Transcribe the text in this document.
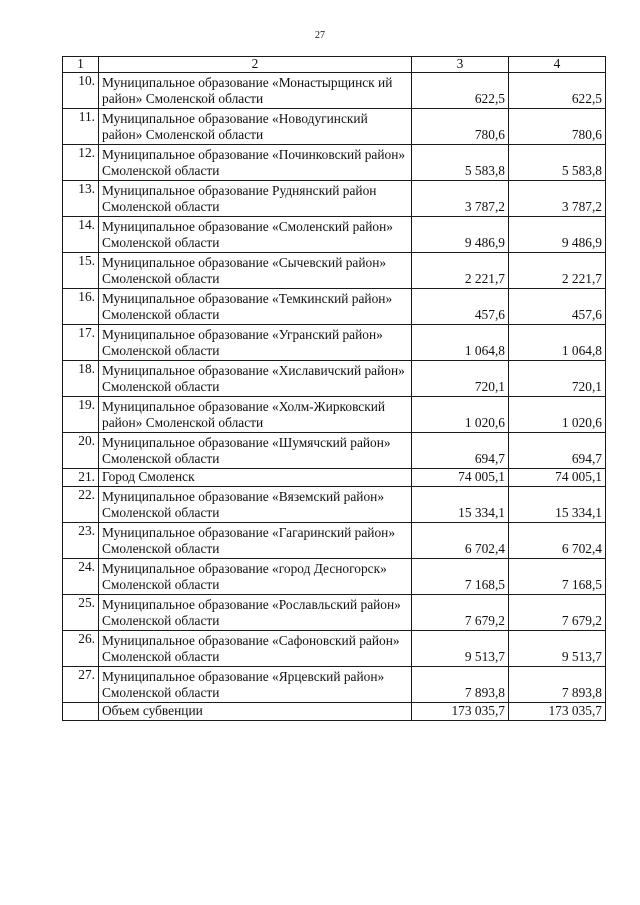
27
1	2	3	4
10.	Муниципальное образование «Монастырщинск ий район» Смоленской области	622,5	622,5
11.	Муниципальное образование «Новодугинский район» Смоленской области	780,6	780,6
12.	Муниципальное образование «Починковский район» Смоленской области	5 583,8	5 583,8
13.	Муниципальное образование Руднянский район Смоленской области	3 787,2	3 787,2
14.	Муниципальное образование «Смоленский район» Смоленской области	9 486,9	9 486,9
15.	Муниципальное образование «Сычевский район» Смоленской области	2 221,7	2 221,7
16.	Муниципальное образование «Темкинский район» Смоленской области	457,6	457,6
17.	Муниципальное образование «Угранский район» Смоленской области	1 064,8	1 064,8
18.	Муниципальное образование «Хиславичский район» Смоленской области	720,1	720,1
19.	Муниципальное образование «Холм-Жирковский район» Смоленской области	1 020,6	1 020,6
20.	Муниципальное образование «Шумячский район» Смоленской области	694,7	694,7
21.	Город Смоленск	74 005,1	74 005,1
22.	Муниципальное образование «Вяземский район» Смоленской области	15 334,1	15 334,1
23.	Муниципальное образование «Гагаринский район» Смоленской области	6 702,4	6 702,4
24.	Муниципальное образование «город Десногорск» Смоленской области	7 168,5	7 168,5
25.	Муниципальное образование «Рославльский район» Смоленской области	7 679,2	7 679,2
26.	Муниципальное образование «Сафоновский район» Смоленской области	9 513,7	9 513,7
27.	Муниципальное образование «Ярцевский район» Смоленской области	7 893,8	7 893,8
	Объем субвенции	173 035,7	173 035,7
